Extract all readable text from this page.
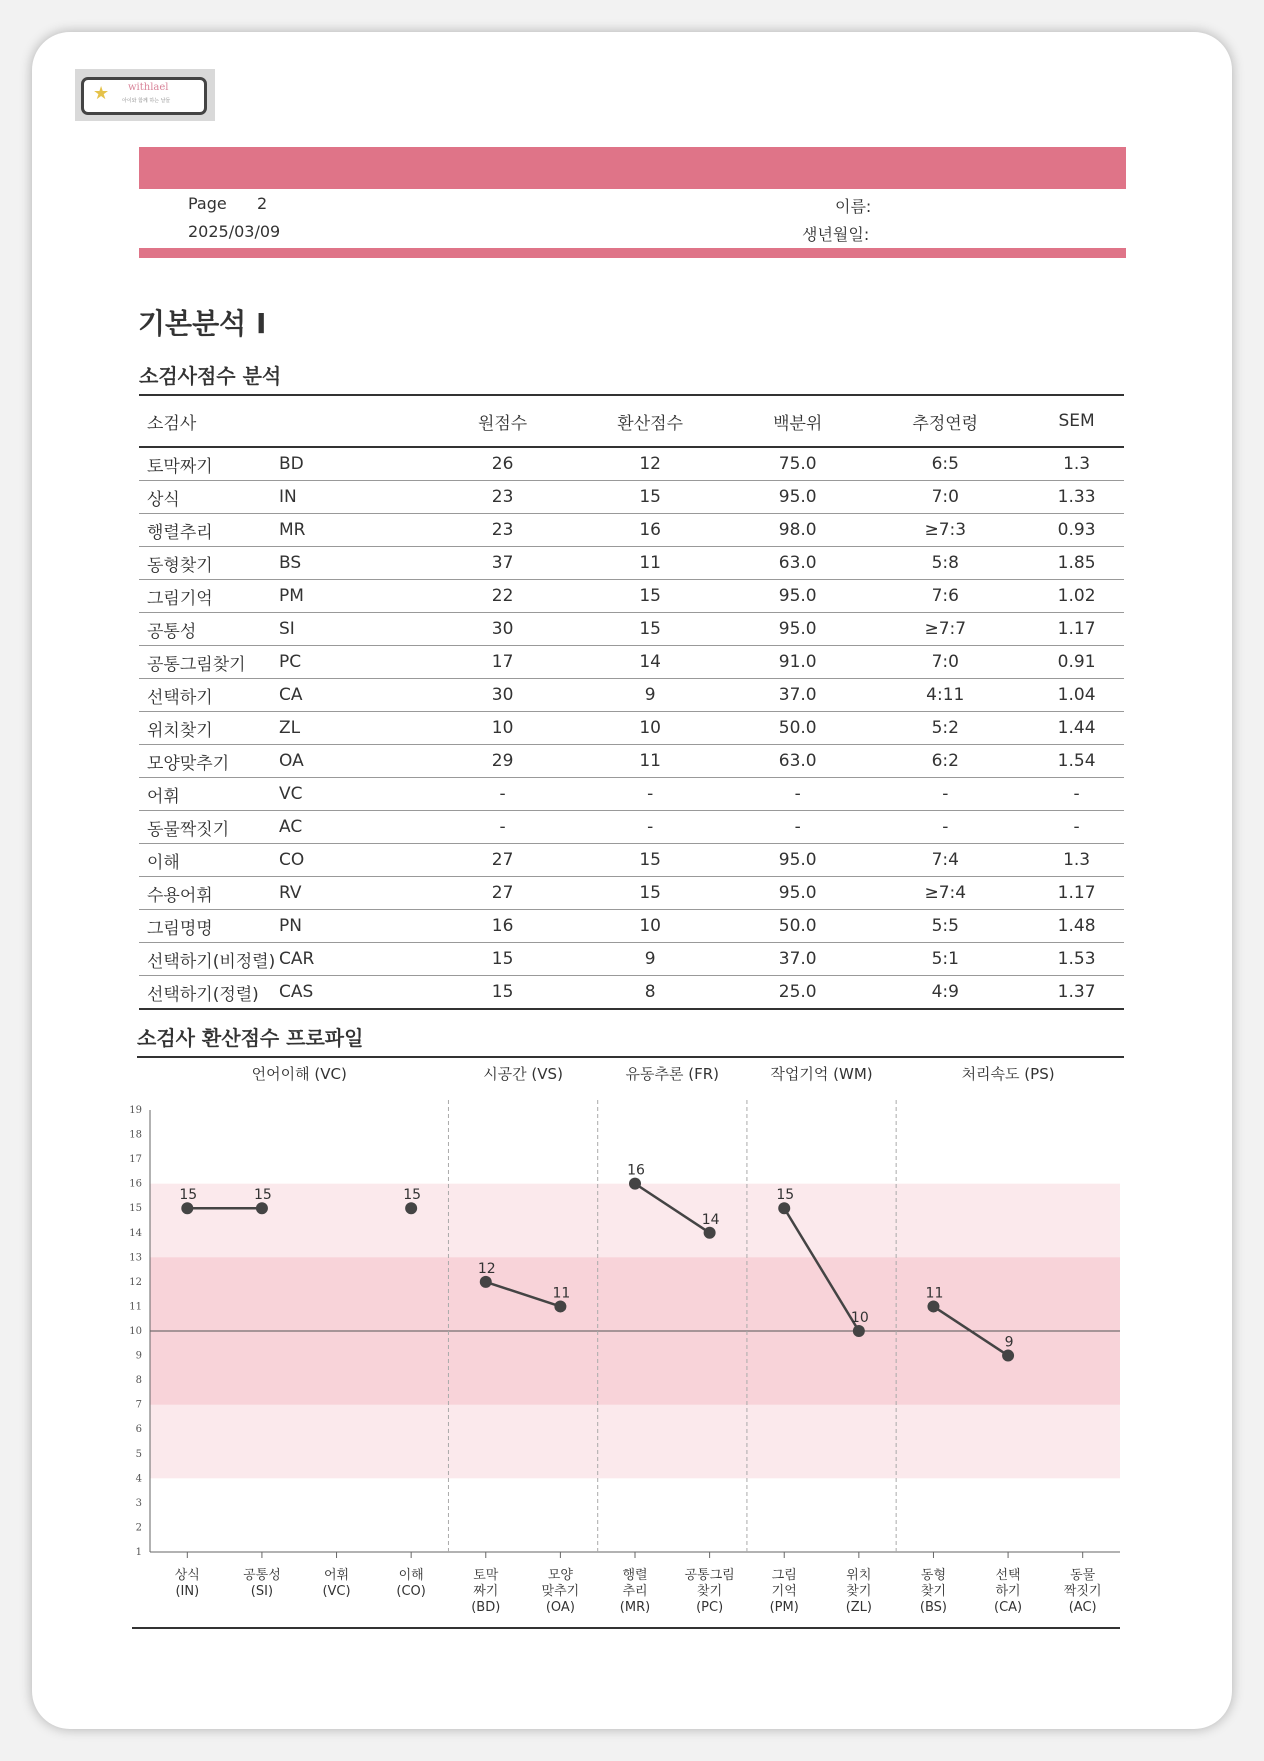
★ withlael
아이와 함께 하는 날들
Page 2
2025/03/09
이름:
생년월일:
기본분석 I
소검사점수 분석
소검사		원점수	환산점수	백분위	추정연령	SEM
토막짜기	BD	26	12	75.0	6:5	1.3
상식	IN	23	15	95.0	7:0	1.33
행렬추리	MR	23	16	98.0	≥7:3	0.93
동형찾기	BS	37	11	63.0	5:8	1.85
그림기억	PM	22	15	95.0	7:6	1.02
공통성	SI	30	15	95.0	≥7:7	1.17
공통그림찾기	PC	17	14	91.0	7:0	0.91
선택하기	CA	30	9	37.0	4:11	1.04
위치찾기	ZL	10	10	50.0	5:2	1.44
모양맞추기	OA	29	11	63.0	6:2	1.54
어휘	VC	-	-	-	-	-
동물짝짓기	AC	-	-	-	-	-
이해	CO	27	15	95.0	7:4	1.3
수용어휘	RV	27	15	95.0	≥7:4	1.17
그림명명	PN	16	10	50.0	5:5	1.48
선택하기(비정렬)	CAR	15	9	37.0	5:1	1.53
선택하기(정렬)	CAS	15	8	25.0	4:9	1.37
소검사 환산점수 프로파일
언어이해 (VC)	시공간 (VS)	유동추론 (FR)	작업기억 (WM)	처리속도 (PS)
1
2
3
4
5
6
7
8
9
10
11
12
13
14
15
16
17
18
19
15	15	15
12
11
16
14
15
10
11
9
상식
(IN)
공통성
(SI)
어휘
(VC)
이해
(CO)
토막
짜기
(BD)
모양
맞추기
(OA)
행렬
추리
(MR)
공통그림
찾기
(PC)
그림
기억
(PM)
위치
찾기
(ZL)
동형
찾기
(BS)
선택
하기
(CA)
동물
짝짓기
(AC)
